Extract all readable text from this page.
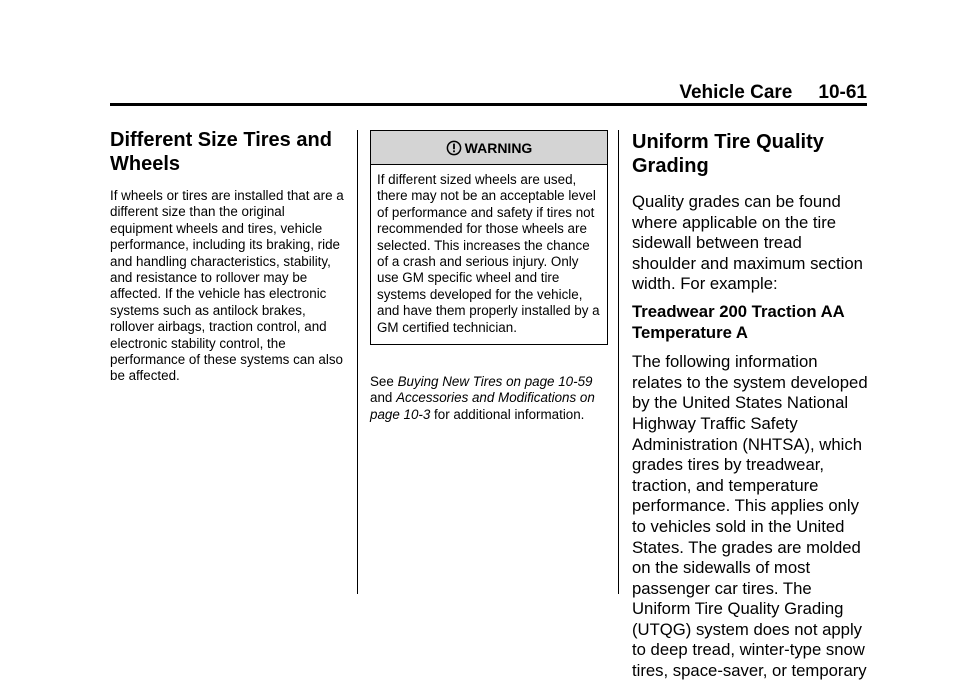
Vehicle Care 10-61
Different Size Tires and Wheels

If wheels or tires are installed that are a different size than the original equipment wheels and tires, vehicle performance, including its braking, ride and handling characteristics, stability, and resistance to rollover may be affected. If the vehicle has electronic systems such as antilock brakes, rollover airbags, traction control, and electronic stability control, the performance of these systems can also be affected.

WARNING
If different sized wheels are used, there may not be an acceptable level of performance and safety if tires not recommended for those wheels are selected. This increases the chance of a crash and serious injury. Only use GM specific wheel and tire systems developed for the vehicle, and have them properly installed by a GM certified technician.

See Buying New Tires on page 10-59 and Accessories and Modifications on page 10-3 for additional information.

Uniform Tire Quality Grading

Quality grades can be found where applicable on the tire sidewall between tread shoulder and maximum section width. For example:

Treadwear 200 Traction AA Temperature A

The following information relates to the system developed by the United States National Highway Traffic Safety Administration (NHTSA), which grades tires by treadwear, traction, and temperature performance. This applies only to vehicles sold in the United States. The grades are molded on the sidewalls of most passenger car tires. The Uniform Tire Quality Grading (UTQG) system does not apply to deep tread, winter-type snow tires, space-saver, or temporary
